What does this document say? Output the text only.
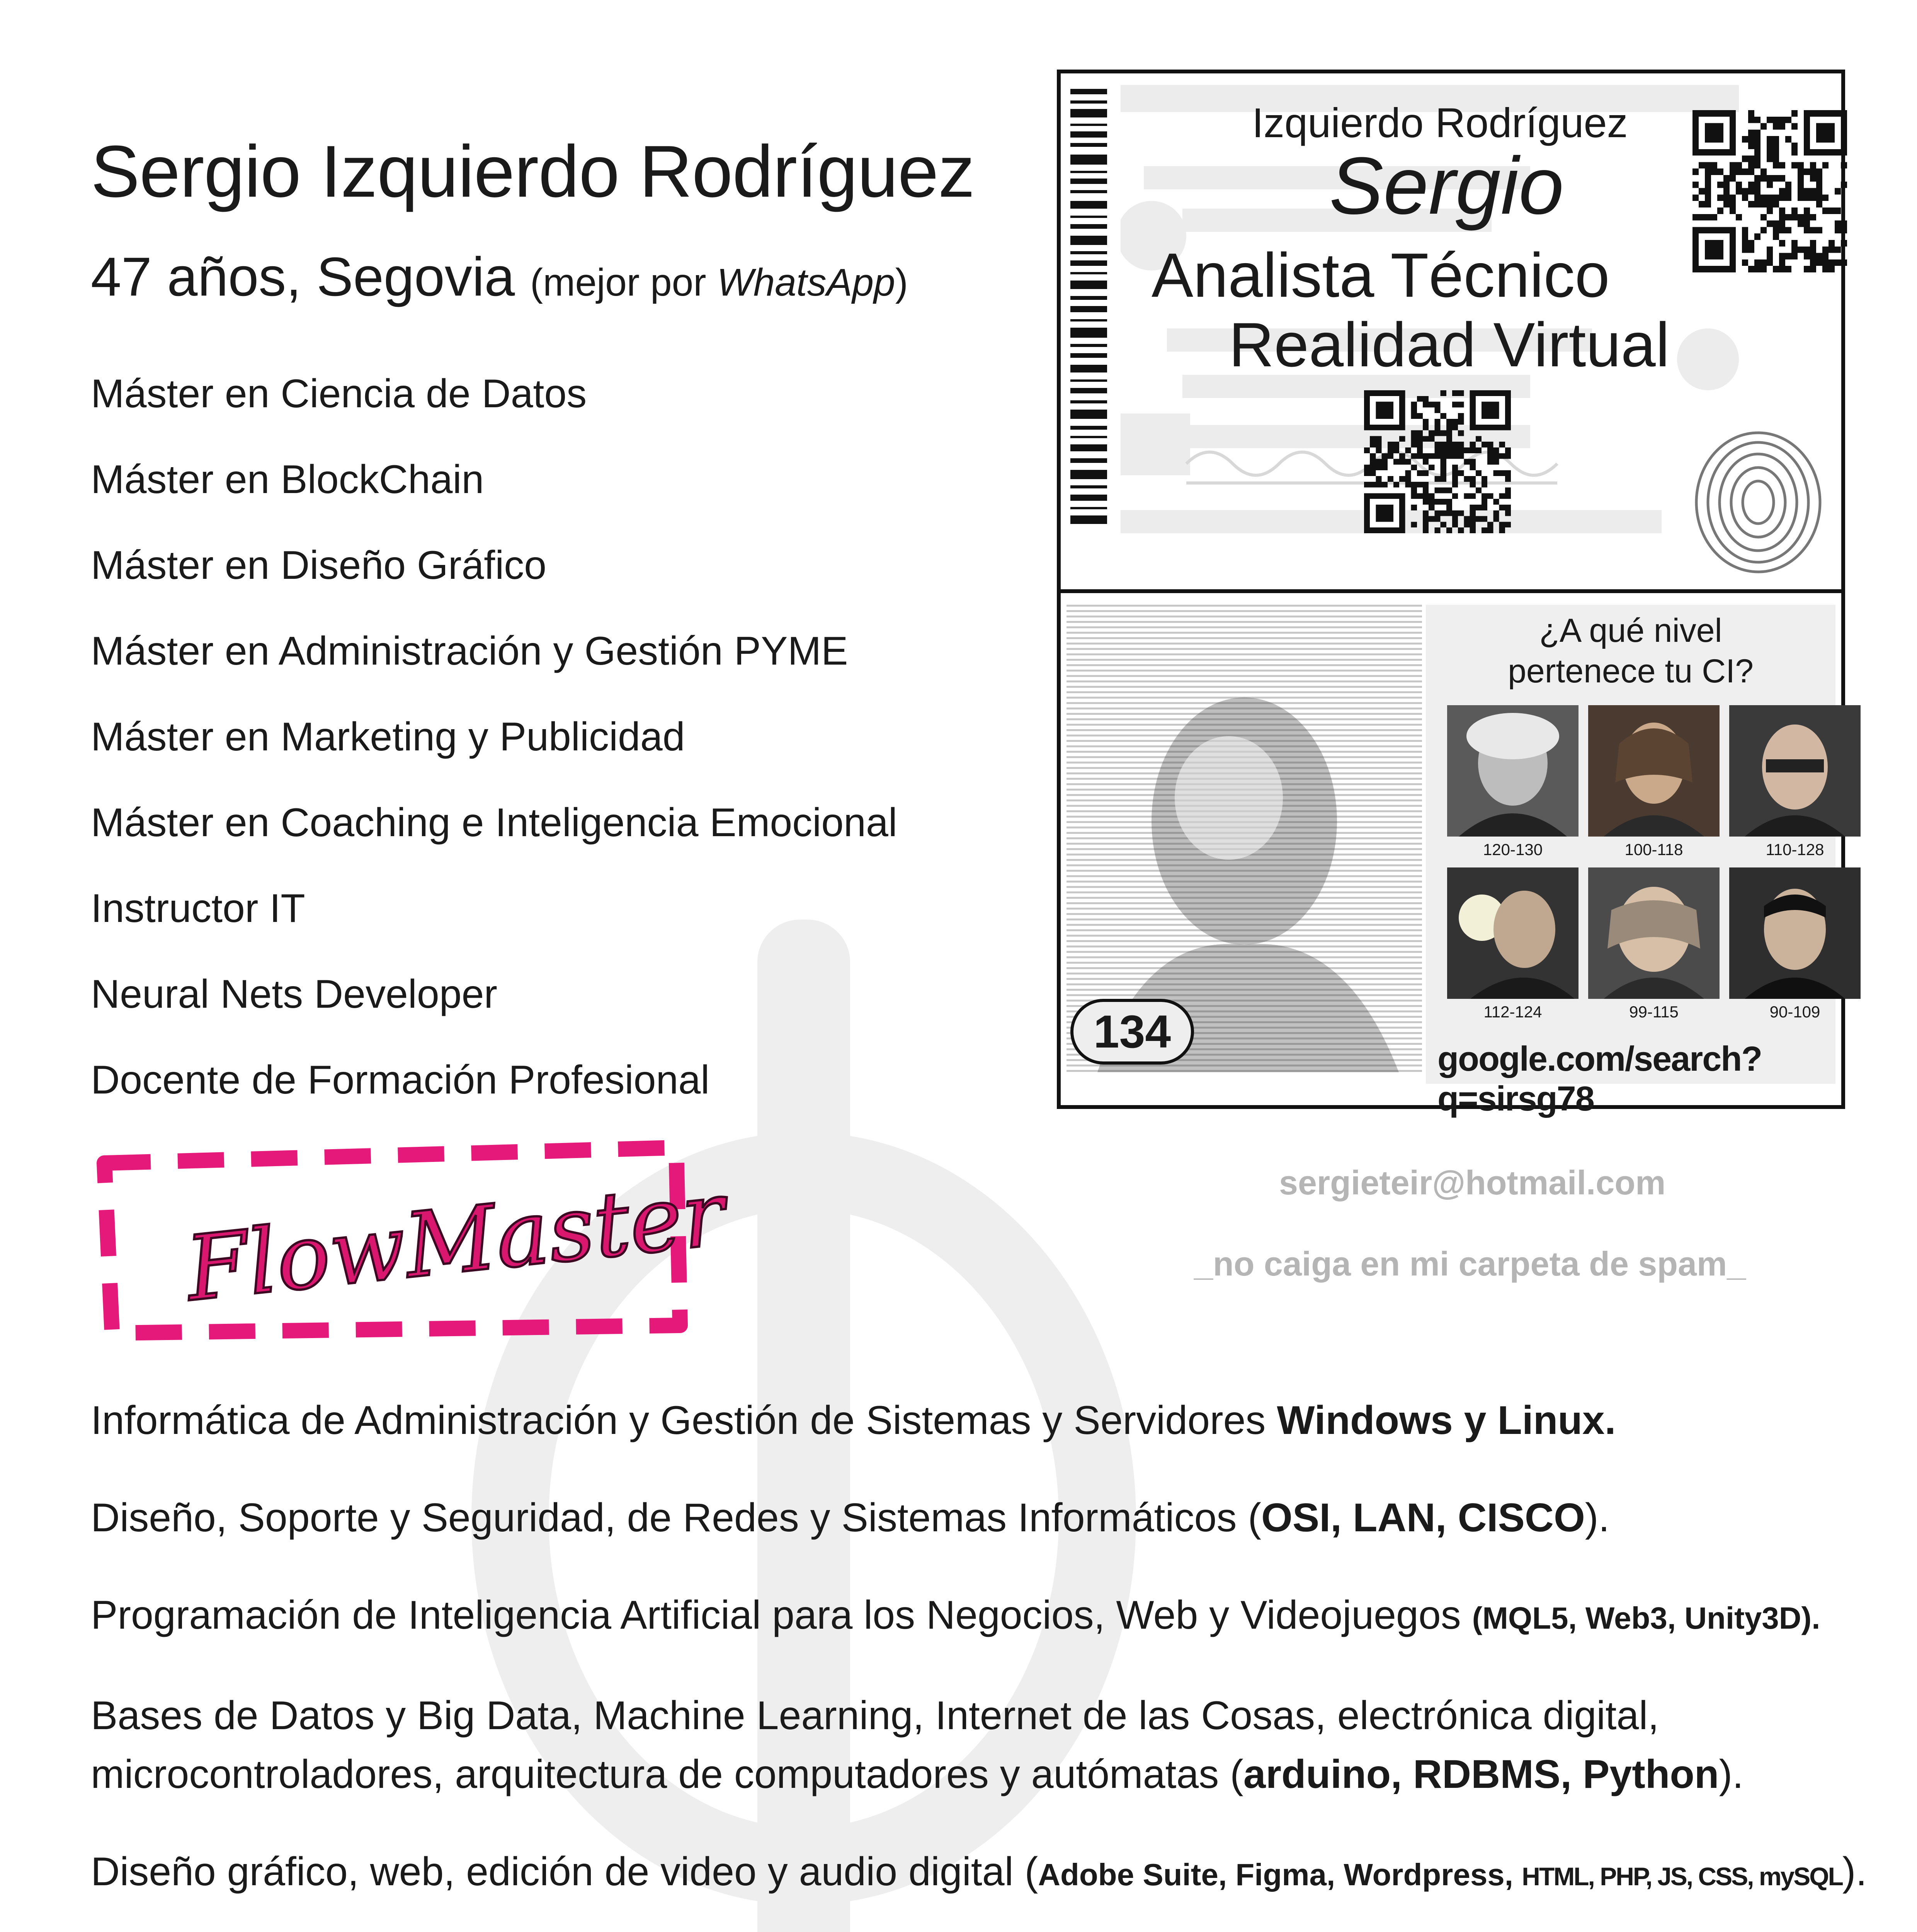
Sergio Izquierdo Rodríguez
47 años, Segovia (mejor por WhatsApp)
Máster en Ciencia de Datos
Máster en BlockChain
Máster en Diseño Gráfico
Máster en Administración y Gestión PYME
Máster en Marketing y Publicidad
Máster en Coaching e Inteligencia Emocional
Instructor IT
Neural Nets Developer
Docente de Formación Profesional
FlowMaster
Izquierdo Rodríguez
Sergio
Analista Técnico
Realidad Virtual
134
¿A qué nivel
pertenece tu CI?
120-130	100-118	110-128
112-124	99-115	90-109
google.com/search?q=sirsg78
sergieteir@hotmail.com
_no caiga en mi carpeta de spam_

Informática de Administración y Gestión de Sistemas y Servidores Windows y Linux.

Diseño, Soporte y Seguridad, de Redes y Sistemas Informáticos (OSI, LAN, CISCO).

Programación de Inteligencia Artificial para los Negocios, Web y Videojuegos (MQL5, Web3, Unity3D).

Bases de Datos y Big Data, Machine Learning, Internet de las Cosas, electrónica digital, microcontroladores, arquitectura de computadores y autómatas (arduino, RDBMS, Python).

Diseño gráfico, web, edición de video y audio digital (Adobe Suite, Figma, Wordpress, HTML, PHP, JS, CSS, mySQL).
